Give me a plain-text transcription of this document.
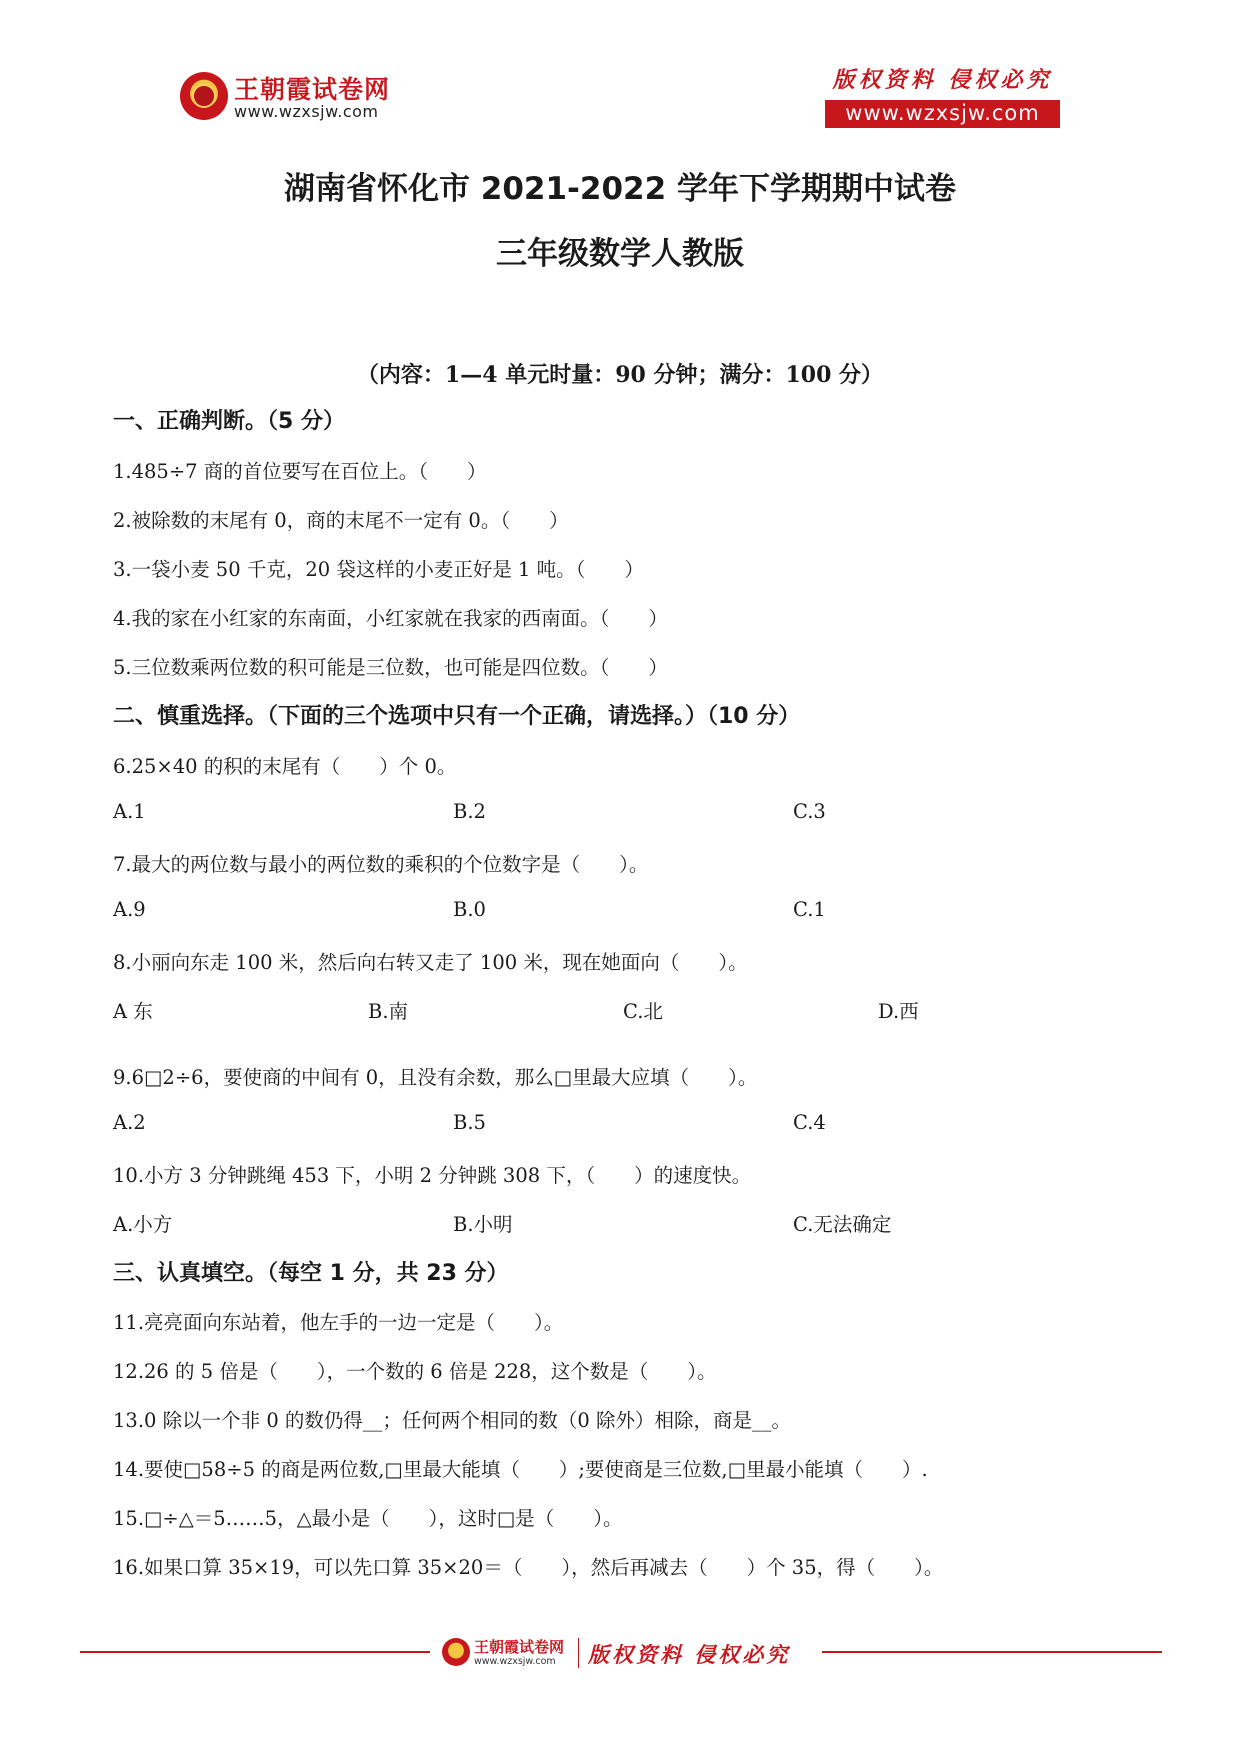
王朝霞试卷网
www.wzxsjw.com
版权资料 侵权必究
www.wzxsjw.com
湖南省怀化市 2021-2022 学年下学期期中试卷
三年级数学人教版
（内容：1—4 单元时量：90 分钟；满分：100 分）
一、正确判断。（5 分）
1.485÷7 商的首位要写在百位上。（　　）
2.被除数的末尾有 0，商的末尾不一定有 0。（　　）
3.一袋小麦 50 千克，20 袋这样的小麦正好是 1 吨。（　　）
4.我的家在小红家的东南面，小红家就在我家的西南面。（　　）
5.三位数乘两位数的积可能是三位数，也可能是四位数。（　　）
二、慎重选择。（下面的三个选项中只有一个正确，请选择。）（10 分）
6.25×40 的积的末尾有（　　）个 0。
A.1	B.2	C.3
7.最大的两位数与最小的两位数的乘积的个位数字是（　　）。
A.9	B.0	C.1
8.小丽向东走 100 米，然后向右转又走了 100 米，现在她面向（　　）。
A 东	B.南	C.北	D.西
9.6□2÷6，要使商的中间有 0，且没有余数，那么□里最大应填（　　）。
A.2	B.5	C.4
10.小方 3 分钟跳绳 453 下，小明 2 分钟跳 308 下，（　　）的速度快。
A.小方	B.小明	C.无法确定
三、认真填空。（每空 1 分，共 23 分）
11.亮亮面向东站着，他左手的一边一定是（　　）。
12.26 的 5 倍是（　　），一个数的 6 倍是 228，这个数是（　　）。
13.0 除以一个非 0 的数仍得__；任何两个相同的数（0 除外）相除，商是__。
14.要使□58÷5 的商是两位数,□里最大能填（　　）;要使商是三位数,□里最小能填（　　）.
15.□÷△＝5……5，△最小是（　　），这时□是（　　）。
16.如果口算 35×19，可以先口算 35×20＝（　　），然后再减去（　　）个 35，得（　　）。
王朝霞试卷网
www.wzxsjw.com 版权资料 侵权必究
